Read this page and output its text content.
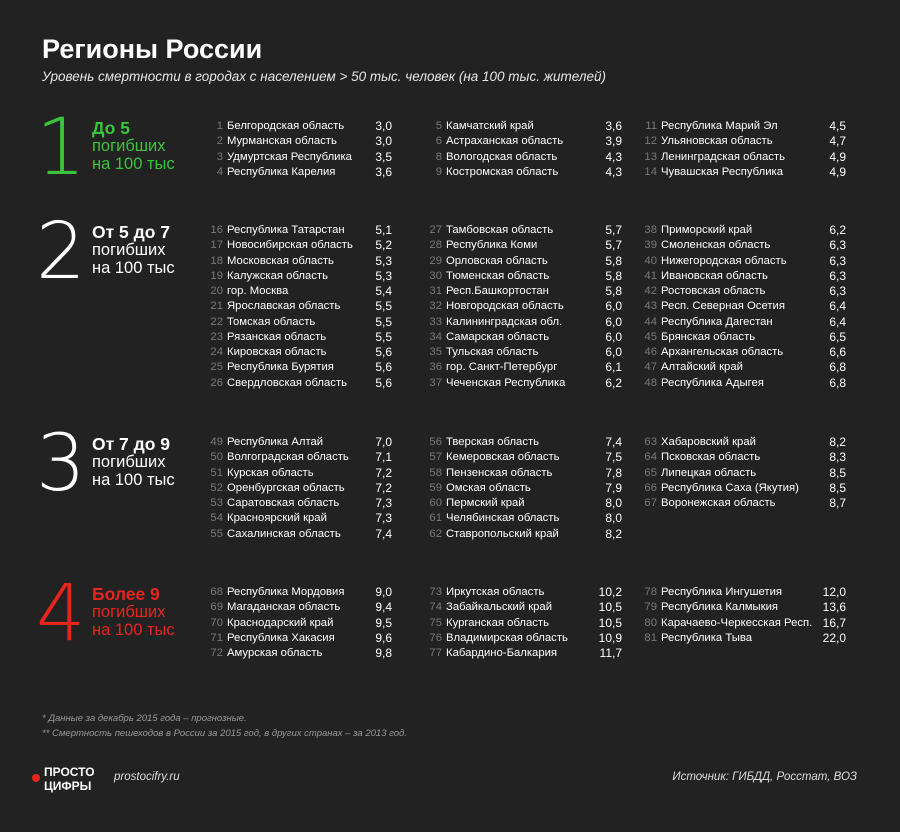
Регионы России
Уровень смертности в городах с населением > 50 тыс. человек (на 100 тыс. жителей)
1 До 5
погибших
на 100 тыс
1 Белгородская область	3,0
2 Мурманская область	3,0
3 Удмуртская Республика	3,5
4 Республика Карелия	3,6
5 Камчатский край	3,6
6 Астраханская область	3,9
8 Вологодская область	4,3
9 Костромская область	4,3
11 Республика Марий Эл	4,5
12 Ульяновская область	4,7
13 Ленинградская область	4,9
14 Чувашская Республика	4,9
2 От 5 до 7
погибших
на 100 тыс
16 Республика Татарстан	5,1
17 Новосибирская область	5,2
18 Московская область	5,3
19 Калужская область	5,3
20 гор. Москва	5,4
21 Ярославская область	5,5
22 Томская область	5,5
23 Рязанская область	5,5
24 Кировская область	5,6
25 Республика Бурятия	5,6
26 Свердловская область	5,6
27 Тамбовская область	5,7
28 Республика Коми	5,7
29 Орловская область	5,8
30 Тюменская область	5,8
31 Респ.Башкортостан	5,8
32 Новгородская область	6,0
33 Калининградская обл.	6,0
34 Самарская область	6,0
35 Тульская область	6,0
36 гор. Санкт-Петербург	6,1
37 Чеченская Республика	6,2
38 Приморский край	6,2
39 Смоленская область	6,3
40 Нижегородская область	6,3
41 Ивановская область	6,3
42 Ростовская область	6,3
43 Респ. Северная Осетия	6,4
44 Республика Дагестан	6,4
45 Брянская область	6,5
46 Архангельская область	6,6
47 Алтайский край	6,8
48 Республика Адыгея	6,8
3 От 7 до 9
погибших
на 100 тыс
49 Республика Алтай	7,0
50 Волгоградская область	7,1
51 Курская область	7,2
52 Оренбургская область	7,2
53 Саратовская область	7,3
54 Красноярский край	7,3
55 Сахалинская область	7,4
56 Тверская область	7,4
57 Кемеровская область	7,5
58 Пензенская область	7,8
59 Омская область	7,9
60 Пермский край	8,0
61 Челябинская область	8,0
62 Ставропольский край	8,2
63 Хабаровский край	8,2
64 Псковская область	8,3
65 Липецкая область	8,5
66 Республика Саха (Якутия)	8,5
67 Воронежская область	8,7
4 Более 9
погибших
на 100 тыс
68 Республика Мордовия	9,0
69 Магаданская область	9,4
70 Краснодарский край	9,5
71 Республика Хакасия	9,6
72 Амурская область	9,8
73 Иркутская область	10,2
74 Забайкальский край	10,5
75 Курганская область	10,5
76 Владимирская область	10,9
77 Кабардино-Балкария	11,7
78 Республика Ингушетия	12,0
79 Республика Калмыкия	13,6
80 Карачаево-Черкесская Респ. 16,7
81 Республика Тыва	22,0
* Данные за декабрь 2015 года – прогнозные.
** Смертность пешеходов в России за 2015 год, в других странах – за 2013 год.
ПРОСТО
ЦИФРЫ
prostocifry.ru	Источник: ГИБДД, Росстат, ВОЗ
